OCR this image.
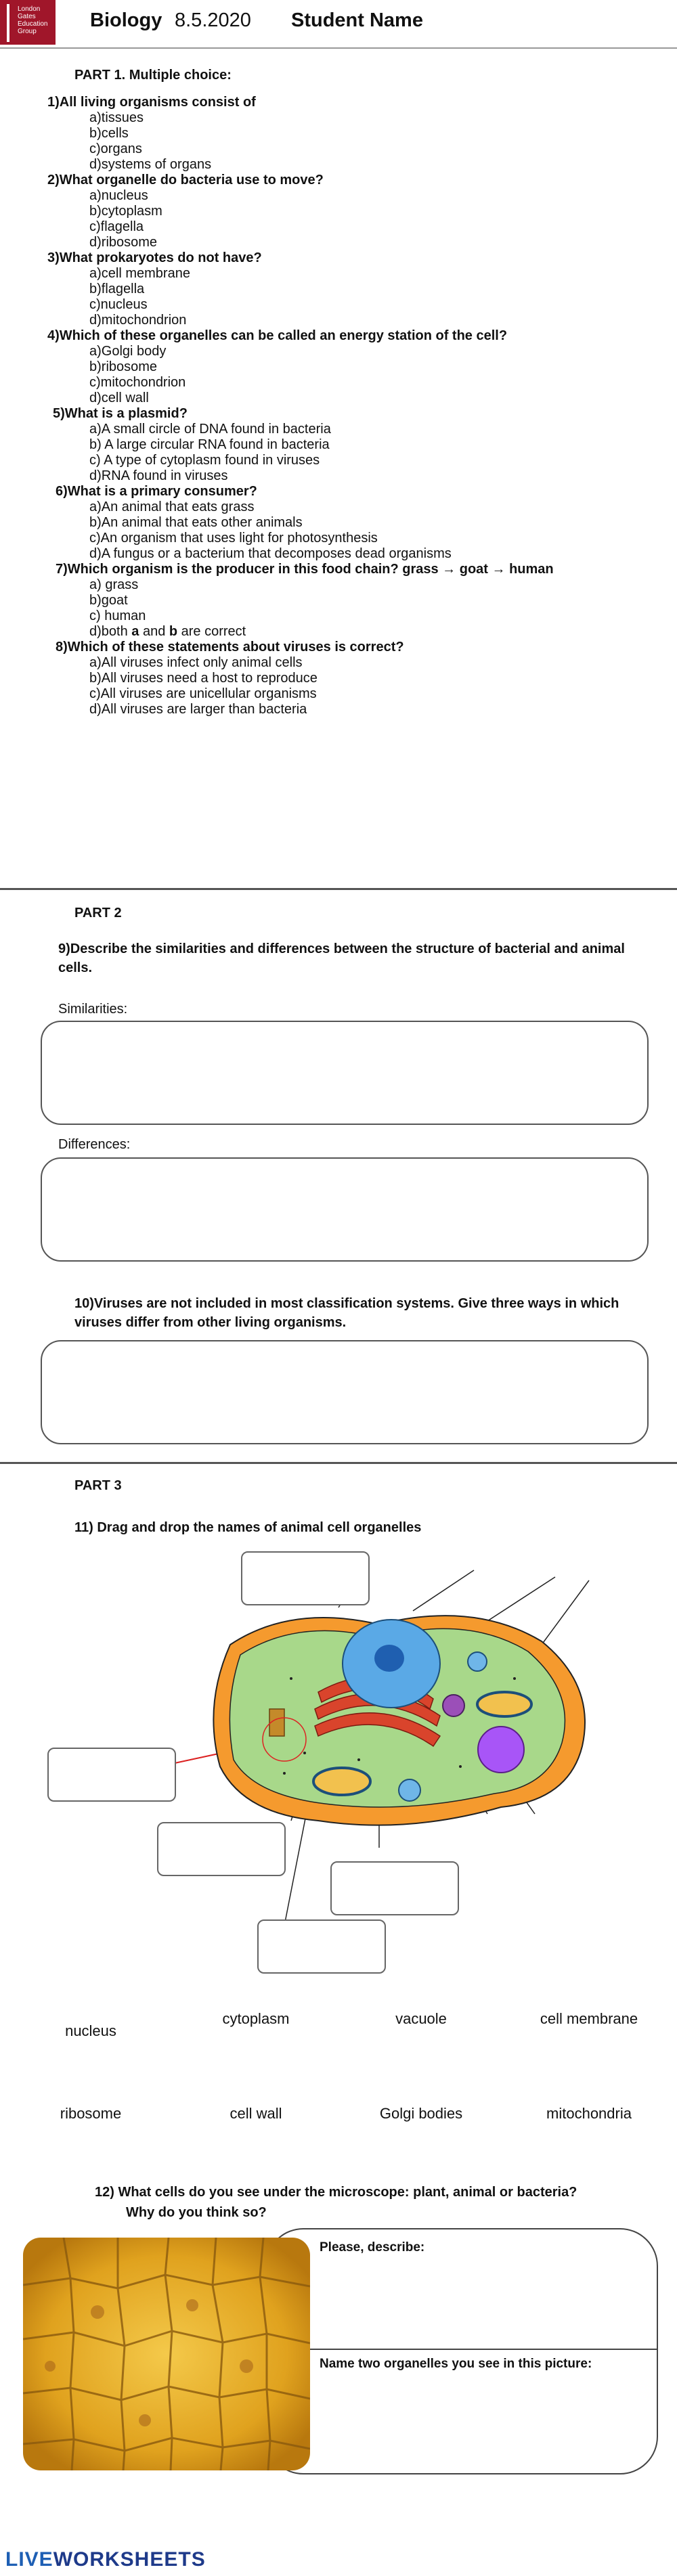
London Gates Education Group
Biology 8.5.2020 Student Name
PART 1. Multiple choice:
1)All living organisms consist of
a)tissues
b)cells
c)organs
d)systems of organs
2)What organelle do bacteria use to move?
a)nucleus
b)cytoplasm
c)flagella
d)ribosome
3)What prokaryotes do not have?
a)cell membrane
b)flagella
c)nucleus
d)mitochondrion
4)Which of these organelles can be called an energy station of the cell?
a)Golgi body
b)ribosome
c)mitochondrion
d)cell wall
5)What is a plasmid?
a)A small circle of DNA found in bacteria
b) A large circular RNA found in bacteria
c) A type of cytoplasm found in viruses
d)RNA found in viruses
6)What is a primary consumer?
a)An animal that eats grass
b)An animal that eats other animals
c)An organism that uses light for photosynthesis
d)A fungus or a bacterium that decomposes dead organisms
7)Which organism is the producer in this food chain? grass → goat → human
a) grass
b)goat
c) human
d)both a and b are correct
8)Which of these statements about viruses is correct?
a)All viruses infect only animal cells
b)All viruses need a host to reproduce
c)All viruses are unicellular organisms
d)All viruses are larger than bacteria
PART 2
9)Describe the similarities and differences between the structure of bacterial and animal cells.
Similarities:
Differences:
10)Viruses are not included in most classification systems. Give three ways in which viruses differ from other living organisms.
PART 3
11) Drag and drop the names of animal cell organelles
nucleus
cytoplasm	vacuole	cell membrane
ribosome	cell wall	Golgi bodies	mitochondria
12) What cells do you see under the microscope: plant, animal or bacteria?
Why do you think so?
Please, describe:
Name two organelles you see in this picture:
LIVEWORKSHEETS
